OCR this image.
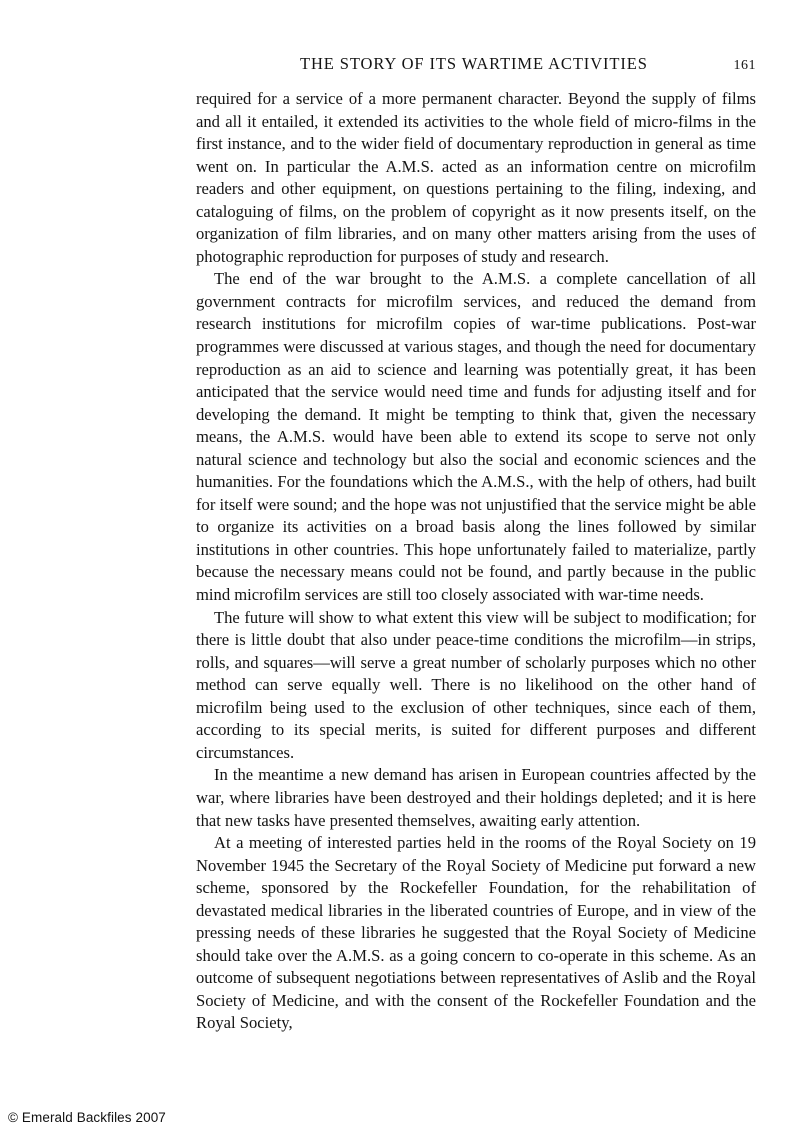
THE STORY OF ITS WARTIME ACTIVITIES	161

required for a service of a more permanent character. Beyond the supply of films and all it entailed, it extended its activities to the whole field of micro-films in the first instance, and to the wider field of documentary reproduction in general as time went on. In particular the A.M.S. acted as an information centre on microfilm readers and other equipment, on questions pertaining to the filing, indexing, and cataloguing of films, on the problem of copyright as it now presents itself, on the organization of film libraries, and on many other matters arising from the uses of photographic reproduction for purposes of study and research.

The end of the war brought to the A.M.S. a complete cancellation of all government contracts for microfilm services, and reduced the demand from research institutions for microfilm copies of war-time publications. Post-war programmes were discussed at various stages, and though the need for documentary reproduction as an aid to science and learning was potentially great, it has been anticipated that the service would need time and funds for adjusting itself and for developing the demand. It might be tempting to think that, given the necessary means, the A.M.S. would have been able to extend its scope to serve not only natural science and technology but also the social and economic sciences and the humanities. For the foundations which the A.M.S., with the help of others, had built for itself were sound; and the hope was not unjustified that the service might be able to organize its activities on a broad basis along the lines followed by similar institutions in other countries. This hope unfortunately failed to materialize, partly because the necessary means could not be found, and partly because in the public mind microfilm services are still too closely associated with war-time needs.

The future will show to what extent this view will be subject to modification; for there is little doubt that also under peace-time conditions the microfilm—in strips, rolls, and squares—will serve a great number of scholarly purposes which no other method can serve equally well. There is no likelihood on the other hand of microfilm being used to the exclusion of other techniques, since each of them, according to its special merits, is suited for different purposes and different circumstances.

In the meantime a new demand has arisen in European countries affected by the war, where libraries have been destroyed and their holdings depleted; and it is here that new tasks have presented themselves, awaiting early attention.

At a meeting of interested parties held in the rooms of the Royal Society on 19 November 1945 the Secretary of the Royal Society of Medicine put forward a new scheme, sponsored by the Rockefeller Foundation, for the rehabilitation of devastated medical libraries in the liberated countries of Europe, and in view of the pressing needs of these libraries he suggested that the Royal Society of Medicine should take over the A.M.S. as a going concern to co-operate in this scheme. As an outcome of subsequent negotiations between representatives of Aslib and the Royal Society of Medicine, and with the consent of the Rockefeller Foundation and the Royal Society,

© Emerald Backfiles 2007
